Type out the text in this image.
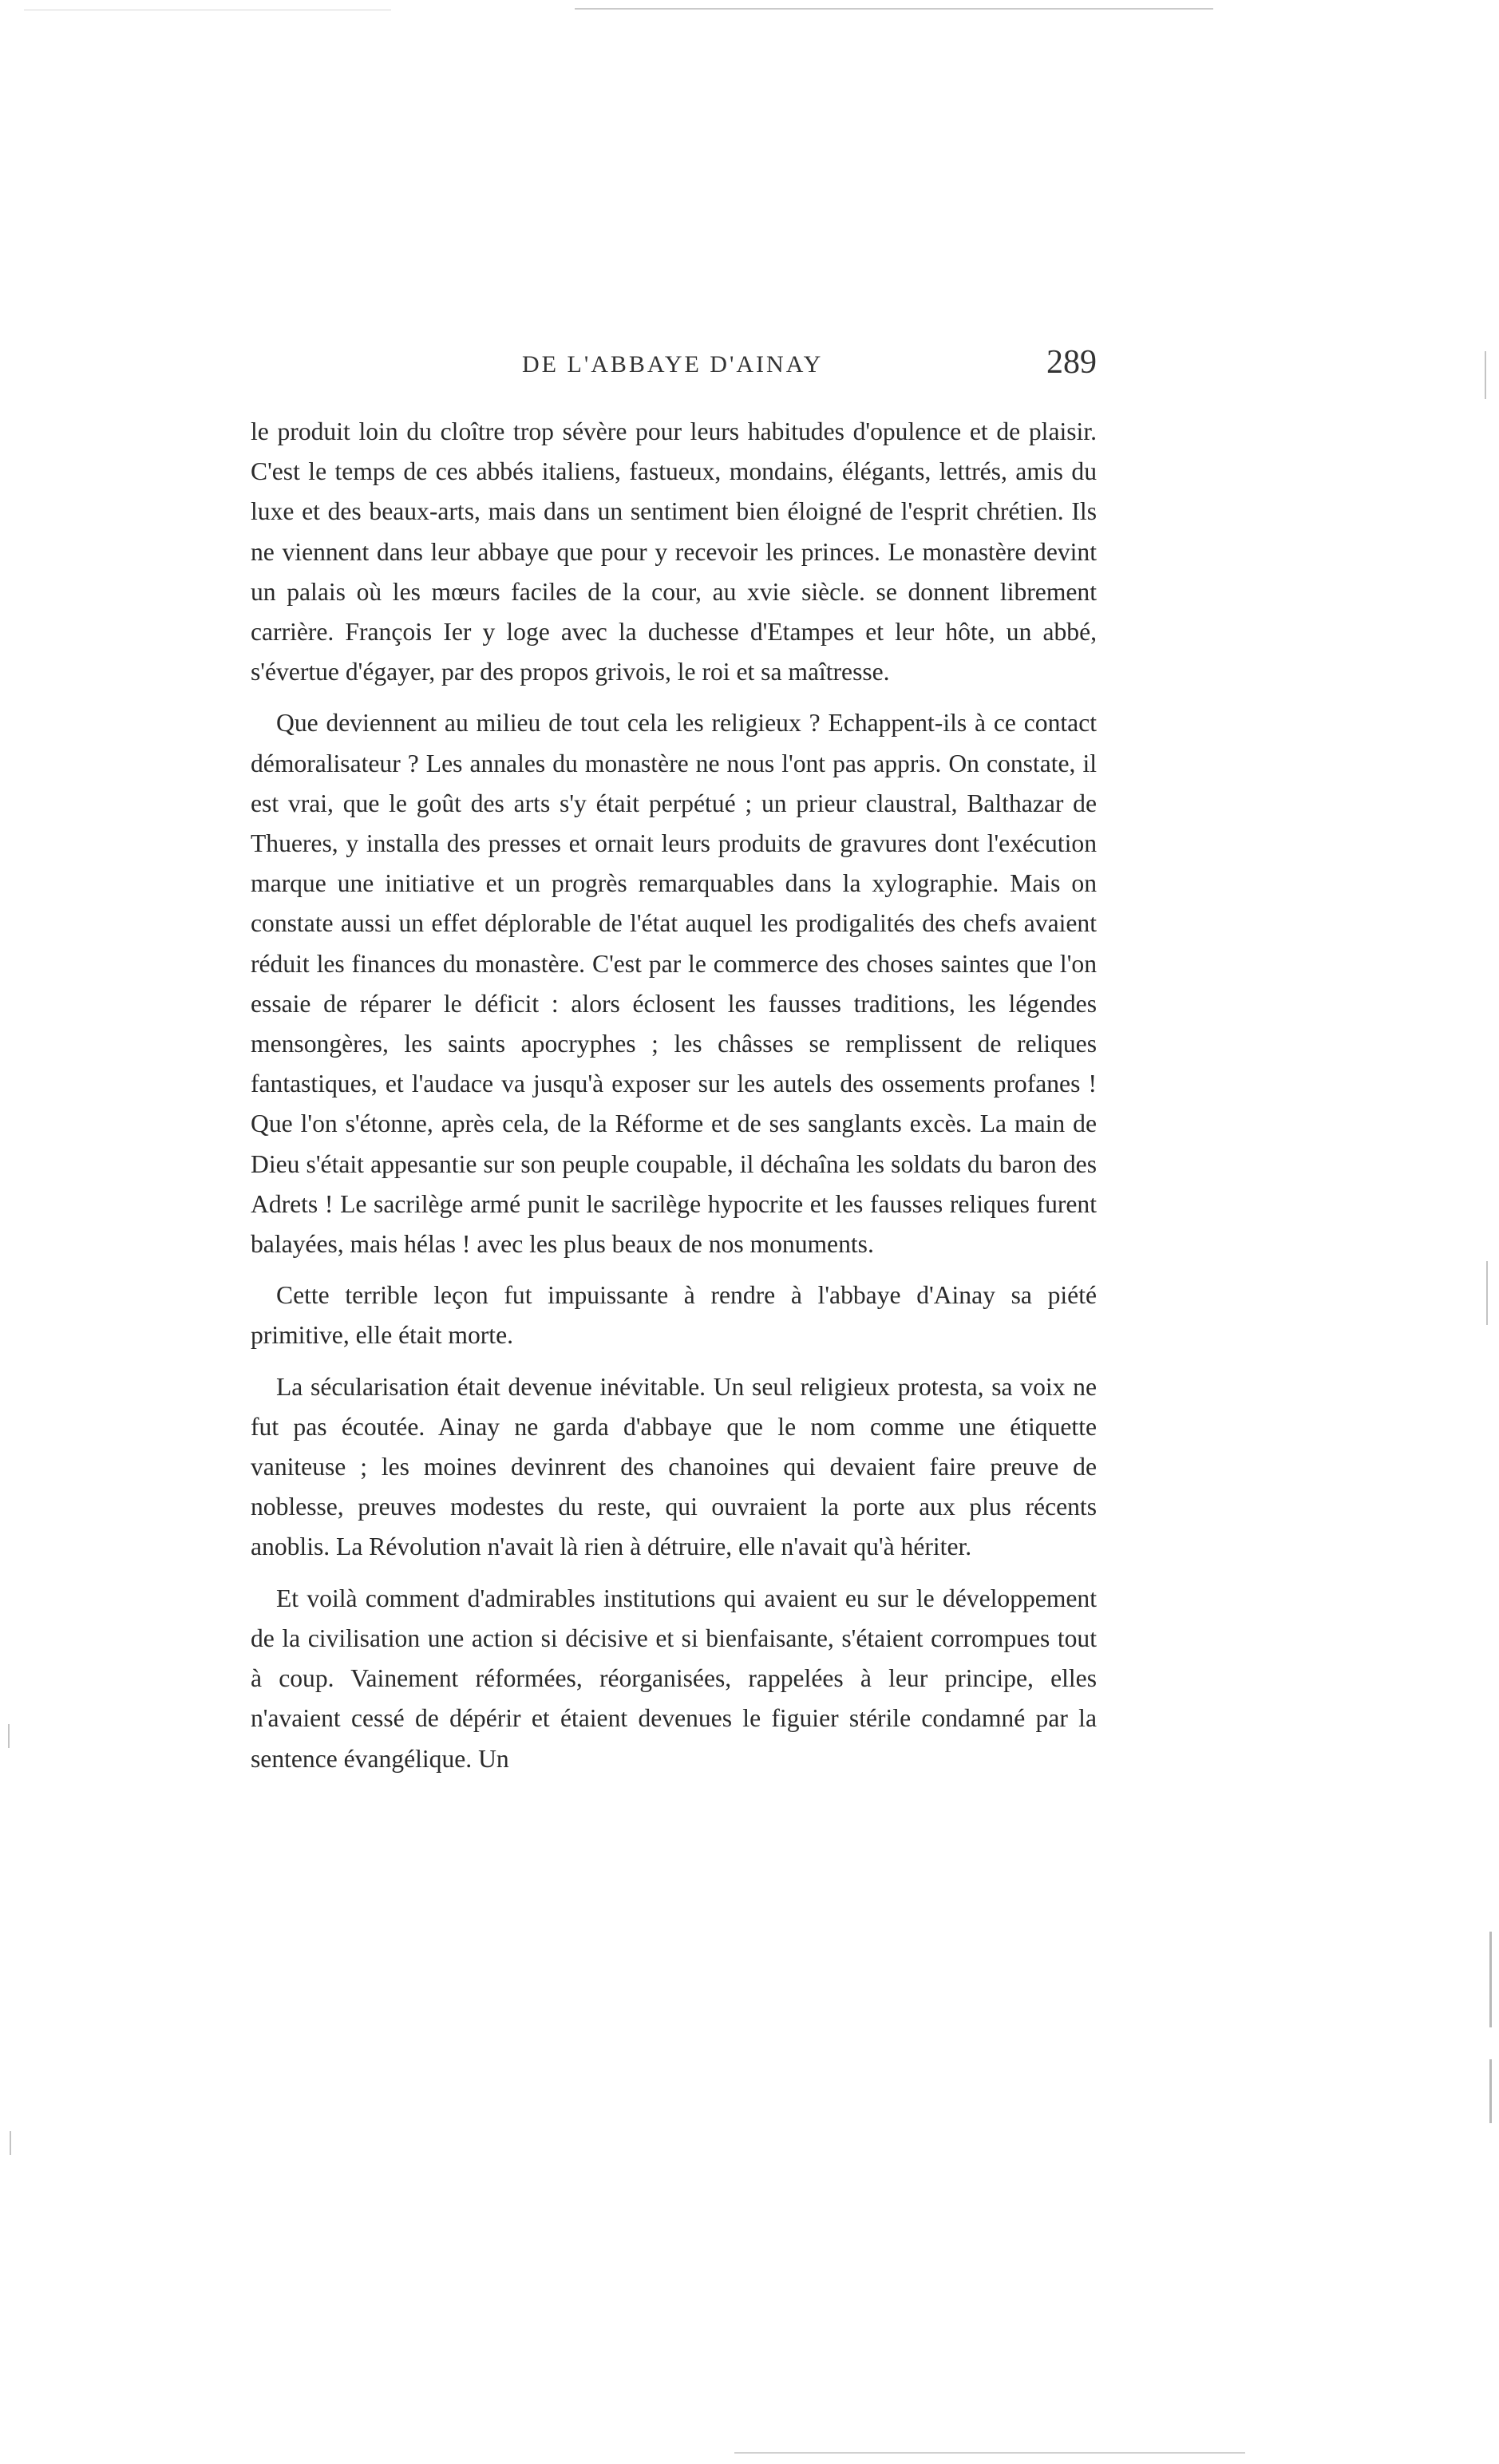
DE L'ABBAYE D'AINAY	289

le produit loin du cloître trop sévère pour leurs habitudes d'opulence et de plaisir. C'est le temps de ces abbés italiens, fastueux, mondains, élégants, lettrés, amis du luxe et des beaux-arts, mais dans un sentiment bien éloigné de l'esprit chrétien. Ils ne viennent dans leur abbaye que pour y recevoir les princes. Le monastère devint un palais où les mœurs faciles de la cour, au xvie siècle. se donnent librement carrière. François Ier y loge avec la duchesse d'Etampes et leur hôte, un abbé, s'évertue d'égayer, par des propos grivois, le roi et sa maîtresse.

Que deviennent au milieu de tout cela les religieux ? Echappent-ils à ce contact démoralisateur ? Les annales du monastère ne nous l'ont pas appris. On constate, il est vrai, que le goût des arts s'y était perpétué ; un prieur claustral, Balthazar de Thueres, y installa des presses et ornait leurs produits de gravures dont l'exécution marque une initiative et un progrès remarquables dans la xylographie. Mais on constate aussi un effet déplorable de l'état auquel les prodigalités des chefs avaient réduit les finances du monastère. C'est par le commerce des choses saintes que l'on essaie de réparer le déficit : alors éclosent les fausses traditions, les légendes mensongères, les saints apocryphes ; les châsses se remplissent de reliques fantastiques, et l'audace va jusqu'à exposer sur les autels des ossements profanes ! Que l'on s'étonne, après cela, de la Réforme et de ses sanglants excès. La main de Dieu s'était appesantie sur son peuple coupable, il déchaîna les soldats du baron des Adrets ! Le sacrilège armé punit le sacrilège hypocrite et les fausses reliques furent balayées, mais hélas ! avec les plus beaux de nos monuments.

Cette terrible leçon fut impuissante à rendre à l'abbaye d'Ainay sa piété primitive, elle était morte.

La sécularisation était devenue inévitable. Un seul religieux protesta, sa voix ne fut pas écoutée. Ainay ne garda d'abbaye que le nom comme une étiquette vaniteuse ; les moines devinrent des chanoines qui devaient faire preuve de noblesse, preuves modestes du reste, qui ouvraient la porte aux plus récents anoblis. La Révolution n'avait là rien à détruire, elle n'avait qu'à hériter.

Et voilà comment d'admirables institutions qui avaient eu sur le développement de la civilisation une action si décisive et si bienfaisante, s'étaient corrompues tout à coup. Vainement réformées, réorganisées, rappelées à leur principe, elles n'avaient cessé de dépérir et étaient devenues le figuier stérile condamné par la sentence évangélique. Un
